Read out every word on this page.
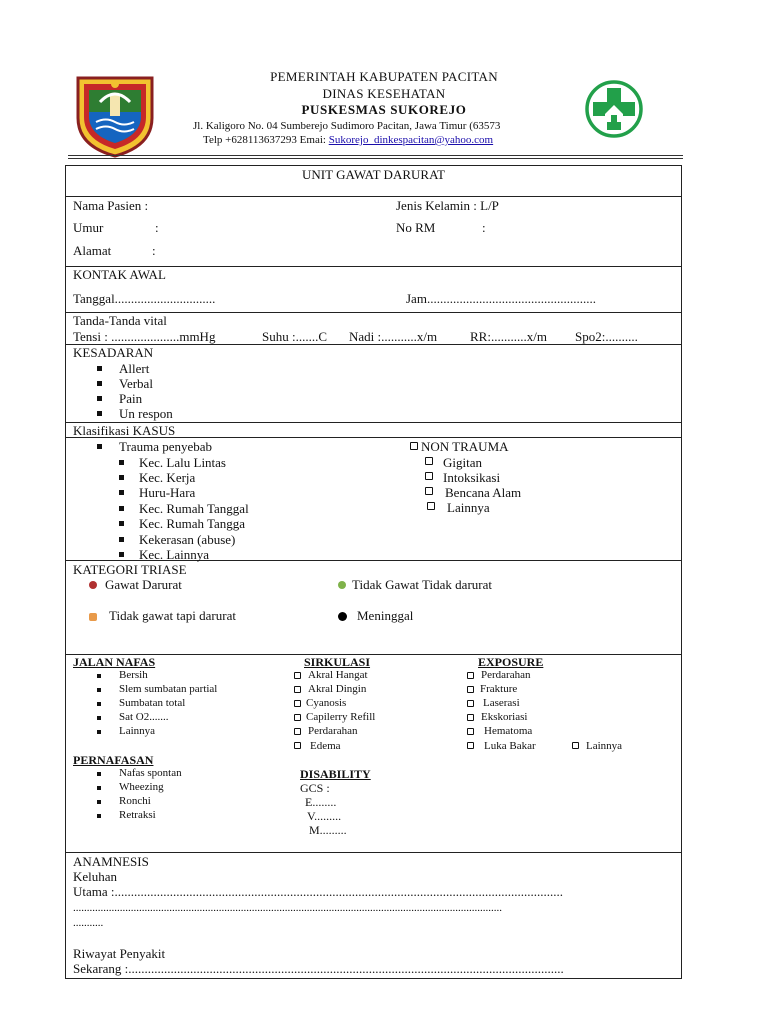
PEMERINTAH KABUPATEN PACITAN
DINAS KESEHATAN
PUSKESMAS SUKOREJO
Jl. Kaligoro No. 04 Sumberejo Sudimoro Pacitan, Jawa Timur (63573
Telp +628113637293 Emai: Sukorejo_dinkespacitan@yahoo.com
UNIT GAWAT DARURAT
Nama Pasien :	Jenis Kelamin : L/P
Umur	:	No RM	:
Alamat	:
KONTAK AWAL
Tanggal...............................	Jam....................................................
Tanda-Tanda vital
Tensi : .....................mmHg	Suhu :.......C Nadi :...........x/m	RR:...........x/m Spo2:..........
KESADARAN
Allert
Verbal
Pain
Un respon
Klasifikasi KASUS
Trauma penyebab
Kec. Lalu Lintas
Kec. Kerja
Huru-Hara
Kec. Rumah Tanggal
Kec. Rumah Tangga
Kekerasan (abuse)
Kec. Lainnya
NON TRAUMA
Gigitan
Intoksikasi
Bencana Alam
Lainnya
KATEGORI TRIASE
Gawat Darurat	Tidak Gawat Tidak darurat
Tidak gawat tapi darurat	Meninggal
JALAN NAFAS
Bersih
Slem sumbatan partial
Sumbatan total
Sat O2.......
Lainnya
SIRKULASI
Akral Hangat
Akral Dingin
Cyanosis
Capilerry Refill
Perdarahan
Edema
EXPOSURE
Perdarahan
Frakture
Laserasi
Ekskoriasi
Hematoma
Luka Bakar	Lainnya
PERNAFASAN
Nafas spontan
Wheezing
Ronchi
Retraksi
DISABILITY
GCS :
E........
V.........
M.........
ANAMNESIS
Keluhan
Utama :..........................................................................................................................................
............................................................................................................................................................
...........
Riwayat Penyakit
Sekarang :......................................................................................................................................
